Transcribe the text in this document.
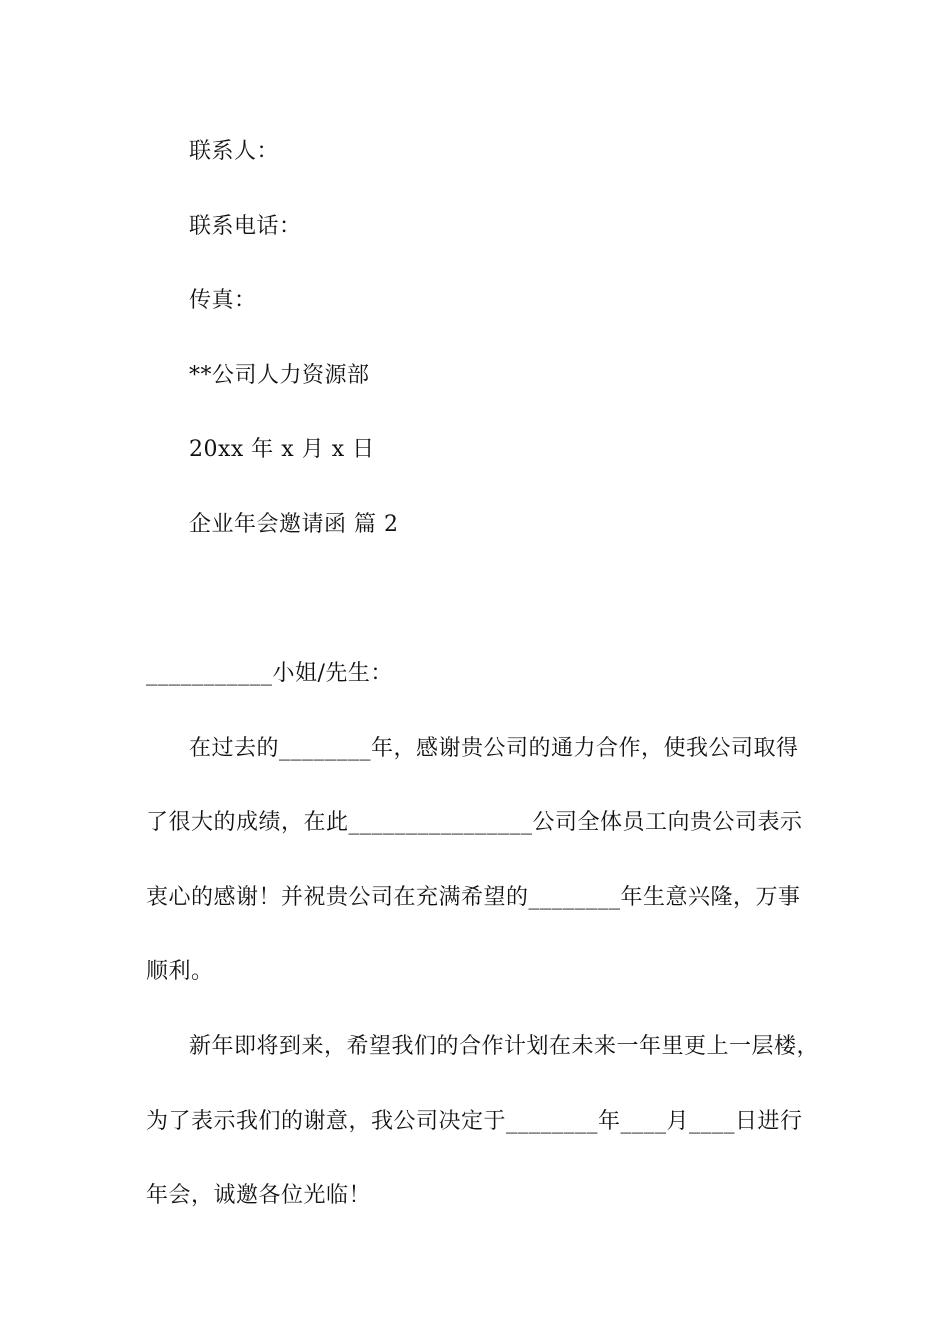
联系人：
联系电话：
传真：
**公司人力资源部
20xx 年 x 月 x 日
企业年会邀请函 篇 2
___________小姐/先生：
在过去的________年，感谢贵公司的通力合作，使我公司取得
了很大的成绩，在此________________公司全体员工向贵公司表示
衷心的感谢！并祝贵公司在充满希望的________年生意兴隆，万事
顺利。
新年即将到来，希望我们的合作计划在未来一年里更上一层楼，
为了表示我们的谢意，我公司决定于________年____月____日进行
年会，诚邀各位光临！
